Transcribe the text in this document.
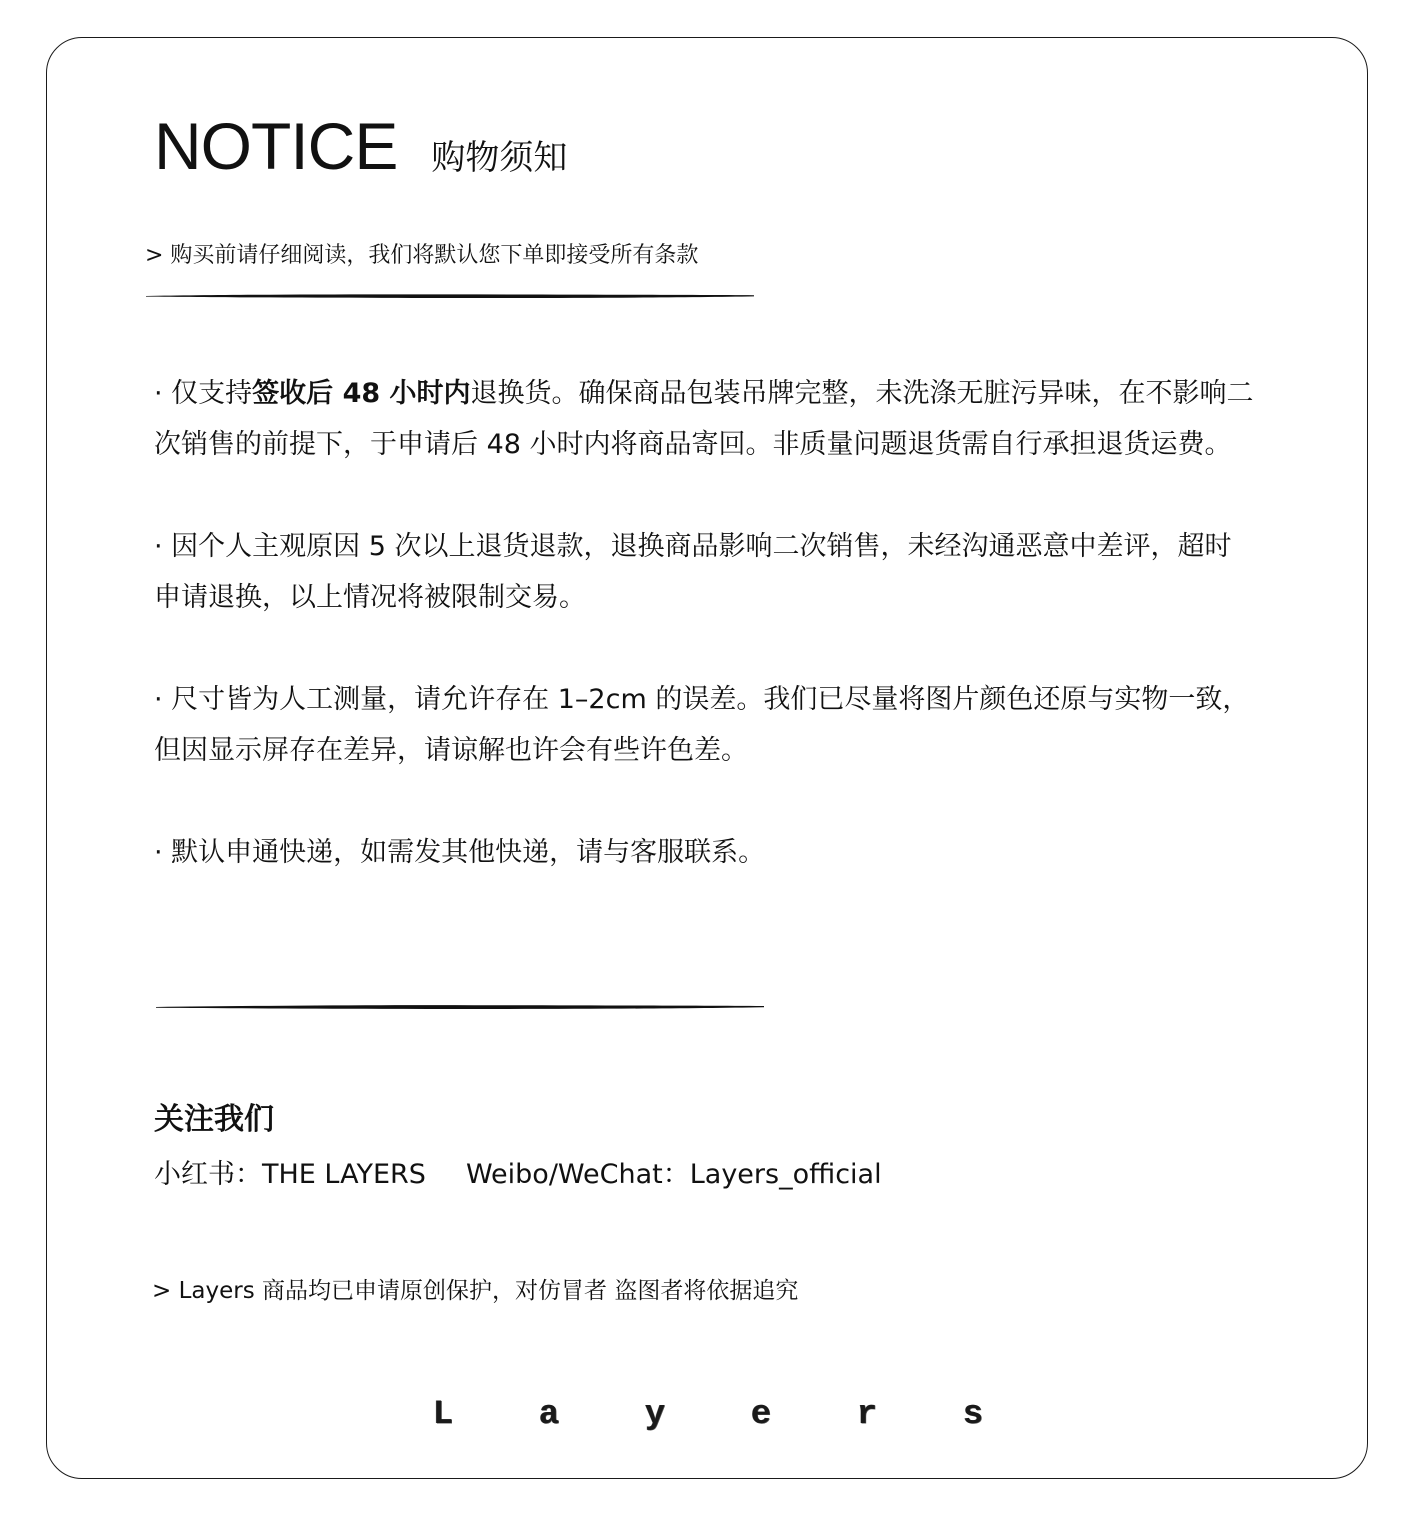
NOTICE 购物须知
> 购买前请仔细阅读，我们将默认您下单即接受所有条款

· 仅支持签收后 48 小时内退换货。确保商品包装吊牌完整，未洗涤无脏污异味，在不影响二次销售的前提下，于申请后 48 小时内将商品寄回。非质量问题退货需自行承担退货运费。

· 因个人主观原因 5 次以上退货退款，退换商品影响二次销售，未经沟通恶意中差评，超时申请退换，以上情况将被限制交易。

· 尺寸皆为人工测量，请允许存在 1–2cm 的误差。我们已尽量将图片颜色还原与实物一致，但因显示屏存在差异，请谅解也许会有些许色差。

· 默认申通快递，如需发其他快递，请与客服联系。

关注我们
小红书：THE LAYERS Weibo/WeChat：Layers_official
> Layers 商品均已申请原创保护，对仿冒者 盗图者将依据追究
L	a	y	e	r	s
